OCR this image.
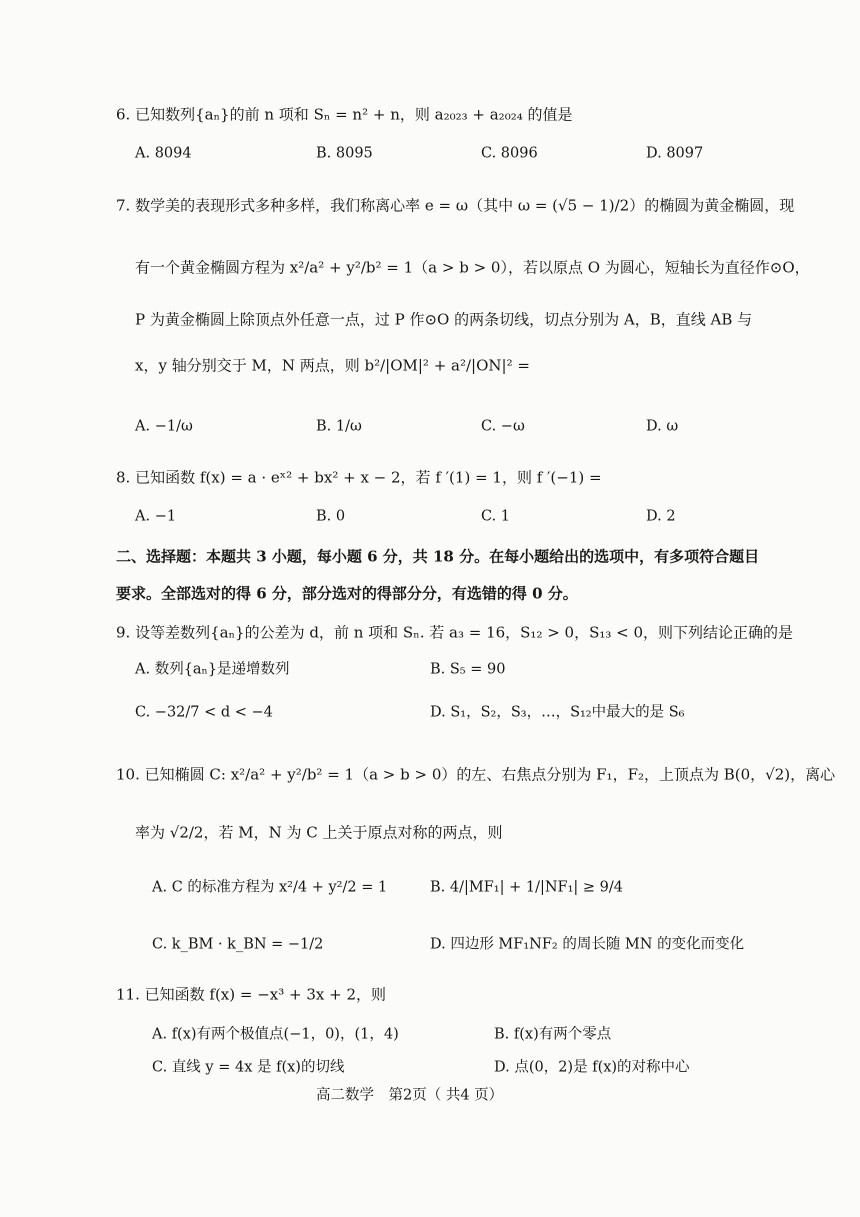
6. 已知数列{aₙ}的前 n 项和 Sₙ = n² + n，则 a₂₀₂₃ + a₂₀₂₄ 的值是
A. 8094	B. 8095	C. 8096	D. 8097
7. 数学美的表现形式多种多样，我们称离心率 e = ω（其中 ω = (√5 − 1)/2）的椭圆为黄金椭圆，现
有一个黄金椭圆方程为 x²/a² + y²/b² = 1（a > b > 0），若以原点 O 为圆心，短轴长为直径作⊙O，
P 为黄金椭圆上除顶点外任意一点，过 P 作⊙O 的两条切线，切点分别为 A，B，直线 AB 与
x，y 轴分别交于 M，N 两点，则 b²/|OM|² + a²/|ON|² =
A. −1/ω	B. 1/ω	C. −ω	D. ω
8. 已知函数 f(x) = a · eˣ² + bx² + x − 2，若 f ′(1) = 1，则 f ′(−1) =
A. −1	B. 0	C. 1	D. 2
二、选择题：本题共 3 小题，每小题 6 分，共 18 分。在每小题给出的选项中，有多项符合题目
要求。全部选对的得 6 分，部分选对的得部分分，有选错的得 0 分。
9. 设等差数列{aₙ}的公差为 d，前 n 项和 Sₙ. 若 a₃ = 16，S₁₂ > 0，S₁₃ < 0，则下列结论正确的是
A. 数列{aₙ}是递增数列	B. S₅ = 90
C. −32/7 < d < −4	D. S₁，S₂，S₃，…，S₁₂中最大的是 S₆
10. 已知椭圆 C: x²/a² + y²/b² = 1（a > b > 0）的左、右焦点分别为 F₁，F₂，上顶点为 B(0，√2)，离心
率为 √2/2，若 M，N 为 C 上关于原点对称的两点，则
A. C 的标准方程为 x²/4 + y²/2 = 1	B. 4/|MF₁| + 1/|NF₁| ≥ 9/4
C. k_BM · k_BN = −1/2	D. 四边形 MF₁NF₂ 的周长随 MN 的变化而变化
11. 已知函数 f(x) = −x³ + 3x + 2，则
A. f(x)有两个极值点(−1，0)，(1，4)	B. f(x)有两个零点
C. 直线 y = 4x 是 f(x)的切线	D. 点(0，2)是 f(x)的对称中心
高二数学　第2页（ 共4 页）
